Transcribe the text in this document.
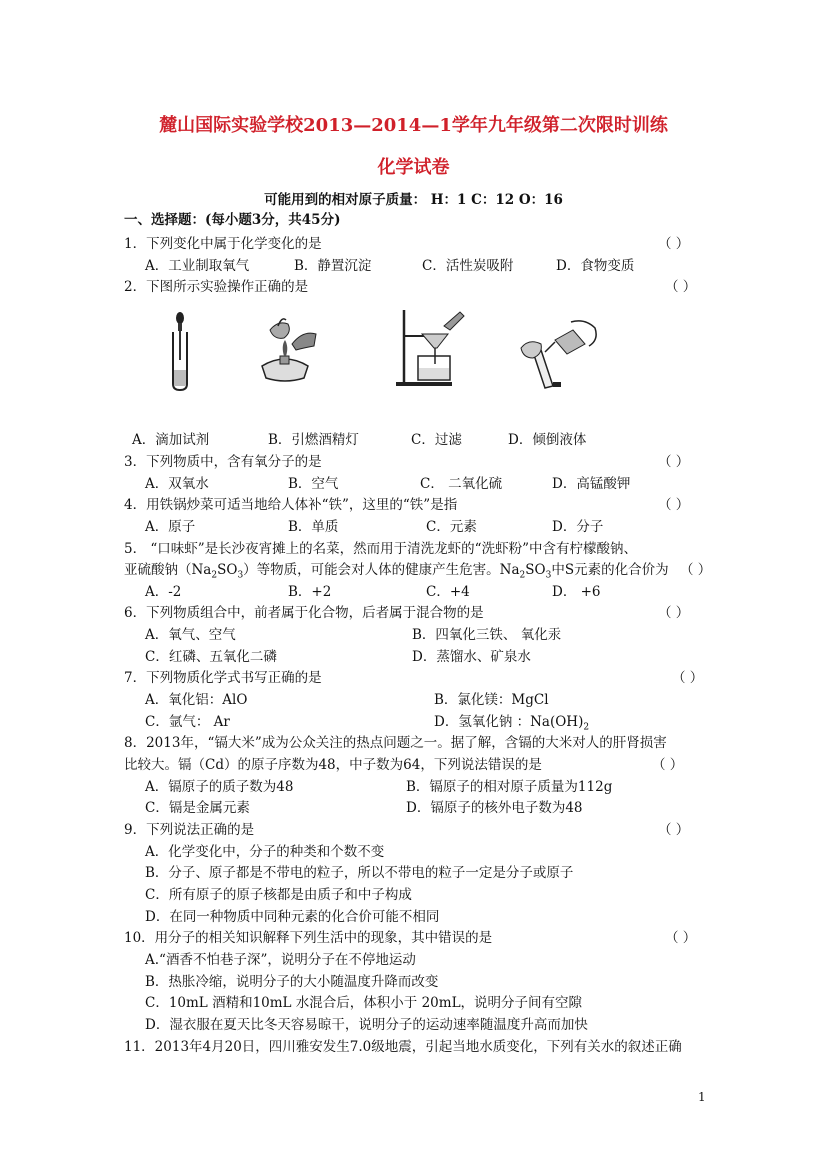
麓山国际实验学校2013—2014—1学年九年级第二次限时训练
化学试卷
可能用到的相对原子质量： H：1 C：12 O：16
一、选择题：(每小题3分，共45分)
1．下列变化中属于化学变化的是	（ ）
A．工业制取氧气	B．静置沉淀	C．活性炭吸附	D．食物变质
2．下图所示实验操作正确的是	（ ）
A．滴加试剂	B．引燃酒精灯	C．过滤	D．倾倒液体
3．下列物质中，含有氧分子的是	（ ）
A．双氧水	B．空气	C． 二氧化硫	D．高锰酸钾
4．用铁锅炒菜可适当地给人体补“铁”，这里的“铁”是指	（ ）
A．原子	B．单质	C．元素	D．分子
5． “口味虾”是长沙夜宵摊上的名菜，然而用于清洗龙虾的“洗虾粉”中含有柠檬酸钠、
亚硫酸钠$(Na_2SO_3)$等物质，可能会对人体的健康产生危害。$Na_2SO_3$中S元素的化合价为 （ ）
A．-2	B．+2	C．+4	D． +6
6．下列物质组合中，前者属于化合物，后者属于混合物的是	（ ）
A．氧气、空气	B．四氧化三铁、 氧化汞
C．红磷、五氧化二磷	D．蒸馏水、矿泉水
7．下列物质化学式书写正确的是	（ ）
A．氧化铝：AlO	B．氯化镁：MgCl
C．氩气： Ar	D．氢氧化钠 ：$Na(OH)_2$
8．2013年，“镉大米”成为公众关注的热点问题之一。据了解，含镉的大米对人的肝肾损害
比较大。镉（Cd）的原子序数为48，中子数为64，下列说法错误的是	（ ）
A．镉原子的质子数为48	B．镉原子的相对原子质量为112g
C．镉是金属元素	D．镉原子的核外电子数为48
9．下列说法正确的是	（ ）
A．化学变化中，分子的种类和个数不变
B．分子、原子都是不带电的粒子，所以不带电的粒子一定是分子或原子
C．所有原子的原子核都是由质子和中子构成
D．在同一种物质中同种元素的化合价可能不相同
10．用分子的相关知识解释下列生活中的现象，其中错误的是	（ ）
A.“酒香不怕巷子深”，说明分子在不停地运动
B．热胀冷缩，说明分子的大小随温度升降而改变
C．10mL 酒精和10mL 水混合后，体积小于 20mL，说明分子间有空隙
D．湿衣服在夏天比冬天容易晾干，说明分子的运动速率随温度升高而加快
11．2013年4月20日，四川雅安发生7.0级地震，引起当地水质变化，下列有关水的叙述正确
1
